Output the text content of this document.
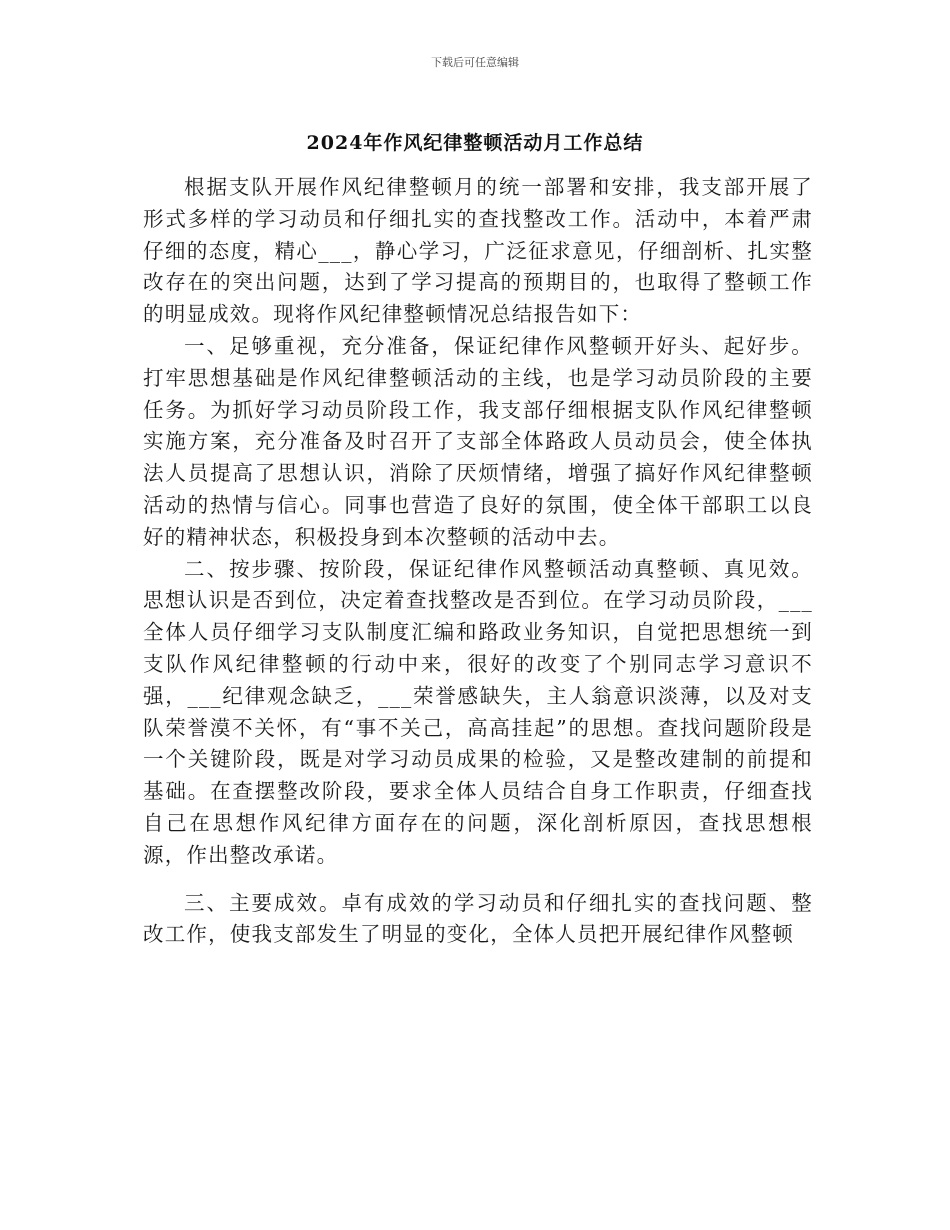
下载后可任意编辑
2024年作风纪律整顿活动月工作总结

根据支队开展作风纪律整顿月的统一部署和安排，我支部开展了形式多样的学习动员和仔细扎实的查找整改工作。活动中，本着严肃仔细的态度，精心___，静心学习，广泛征求意见，仔细剖析、扎实整改存在的突出问题，达到了学习提高的预期目的，也取得了整顿工作的明显成效。现将作风纪律整顿情况总结报告如下：

一、足够重视，充分准备，保证纪律作风整顿开好头、起好步。打牢思想基础是作风纪律整顿活动的主线，也是学习动员阶段的主要任务。为抓好学习动员阶段工作，我支部仔细根据支队作风纪律整顿实施方案，充分准备及时召开了支部全体路政人员动员会，使全体执法人员提高了思想认识，消除了厌烦情绪，增强了搞好作风纪律整顿活动的热情与信心。同事也营造了良好的氛围，使全体干部职工以良好的精神状态，积极投身到本次整顿的活动中去。

二、按步骤、按阶段，保证纪律作风整顿活动真整顿、真见效。思想认识是否到位，决定着查找整改是否到位。在学习动员阶段，___全体人员仔细学习支队制度汇编和路政业务知识，自觉把思想统一到支队作风纪律整顿的行动中来，很好的改变了个别同志学习意识不强，___纪律观念缺乏，___荣誉感缺失，主人翁意识淡薄，以及对支队荣誉漠不关怀，有“事不关己，高高挂起”的思想。查找问题阶段是一个关键阶段，既是对学习动员成果的检验，又是整改建制的前提和基础。在查摆整改阶段，要求全体人员结合自身工作职责，仔细查找自己在思想作风纪律方面存在的问题，深化剖析原因，查找思想根源，作出整改承诺。

三、主要成效。卓有成效的学习动员和仔细扎实的查找问题、整改工作，使我支部发生了明显的变化，全体人员把开展纪律作风整顿
